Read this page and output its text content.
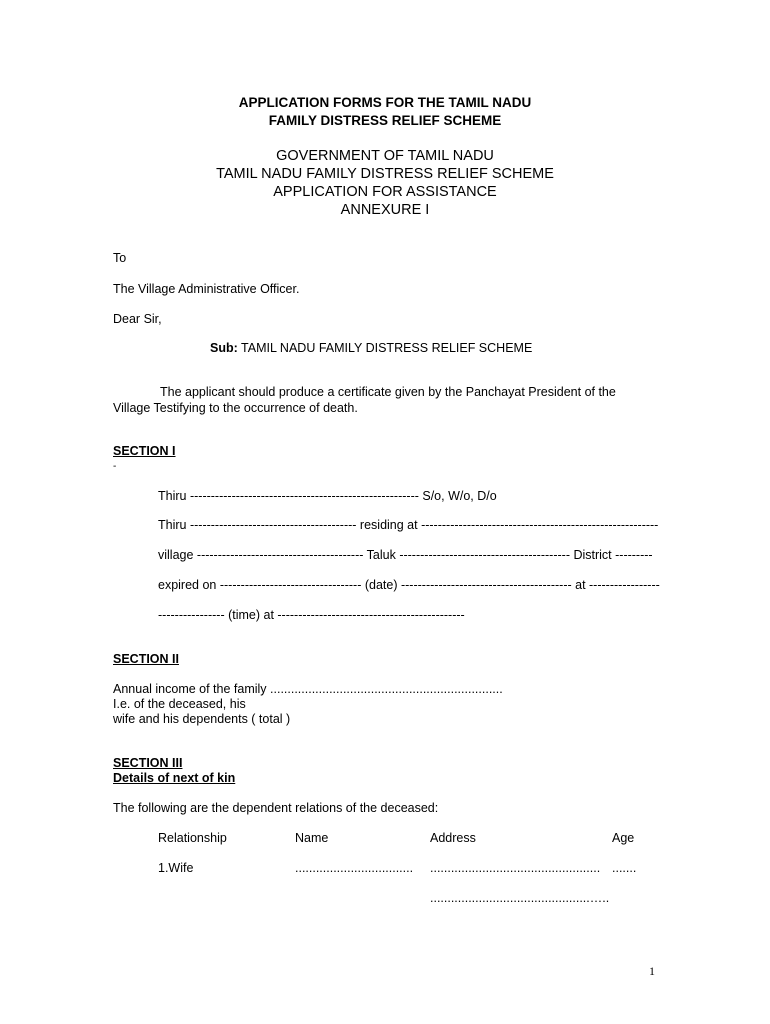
APPLICATION FORMS FOR THE TAMIL NADU
FAMILY DISTRESS RELIEF SCHEME
GOVERNMENT OF TAMIL NADU
TAMIL NADU FAMILY DISTRESS RELIEF SCHEME
APPLICATION FOR ASSISTANCE
ANNEXURE I
To
The Village Administrative Officer.
Dear Sir,
Sub: TAMIL NADU FAMILY DISTRESS RELIEF SCHEME
The applicant should produce a certificate given by the Panchayat President of the
Village Testifying to the occurrence of death.
SECTION I
-
Thiru ------------------------------------------------------- S/o, W/o, D/o
Thiru ---------------------------------------- residing at ---------------------------------------------------------
village ---------------------------------------- Taluk ----------------------------------------- District ---------
expired on ---------------------------------- (date) ----------------------------------------- at -----------------
---------------- (time) at ---------------------------------------------
SECTION II
Annual income of the family ...................................................................
I.e. of the deceased, his
wife and his dependents ( total )
SECTION III
Details of next of kin
The following are the dependent relations of the deceased:
Relationship	Name	Address	Age
1.Wife	.................................. ................................................. .......
..............................................…..
1
